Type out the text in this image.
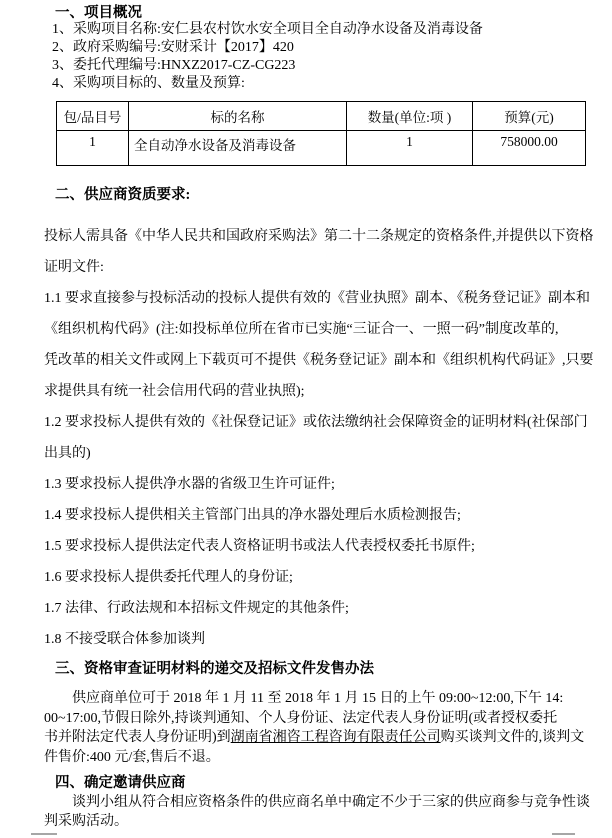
一、项目概况
1、采购项目名称:安仁县农村饮水安全项目全自动净水设备及消毒设备
2、政府采购编号:安财采计【2017】420
3、委托代理编号:HNXZ2017-CZ-CG223
4、采购项目标的、数量及预算:
包/品目号	标的名称	数量(单位:项 )	预算(元)
1	全自动净水设备及消毒设备	1	758000.00
二、供应商资质要求:
投标人需具备《中华人民共和国政府采购法》第二十二条规定的资格条件,并提供以下资格
证明文件:
1.1 要求直接参与投标活动的投标人提供有效的《营业执照》副本、《税务登记证》副本和
《组织机构代码》(注:如投标单位所在省市已实施“三证合一、一照一码”制度改革的,
凭改革的相关文件或网上下载页可不提供《税务登记证》副本和《组织机构代码证》,只要
求提供具有统一社会信用代码的营业执照);
1.2 要求投标人提供有效的《社保登记证》或依法缴纳社会保障资金的证明材料(社保部门
出具的)
1.3 要求投标人提供净水器的省级卫生许可证件;
1.4 要求投标人提供相关主管部门出具的净水器处理后水质检测报告;
1.5 要求投标人提供法定代表人资格证明书或法人代表授权委托书原件;
1.6 要求投标人提供委托代理人的身份证;
1.7 法律、行政法规和本招标文件规定的其他条件;
1.8 不接受联合体参加谈判
三、资格审查证明材料的递交及招标文件发售办法
供应商单位可于 2018 年 1 月 11 至 2018 年 1 月 15 日的上午 09:00~12:00,下午 14:
00~17:00,节假日除外,持谈判通知、个人身份证、法定代表人身份证明(或者授权委托
书并附法定代表人身份证明)到湖南省湘咨工程咨询有限责任公司购买谈判文件的,谈判文
件售价:400 元/套,售后不退。
四、确定邀请供应商
谈判小组从符合相应资格条件的供应商名单中确定不少于三家的供应商参与竞争性谈
判采购活动。
